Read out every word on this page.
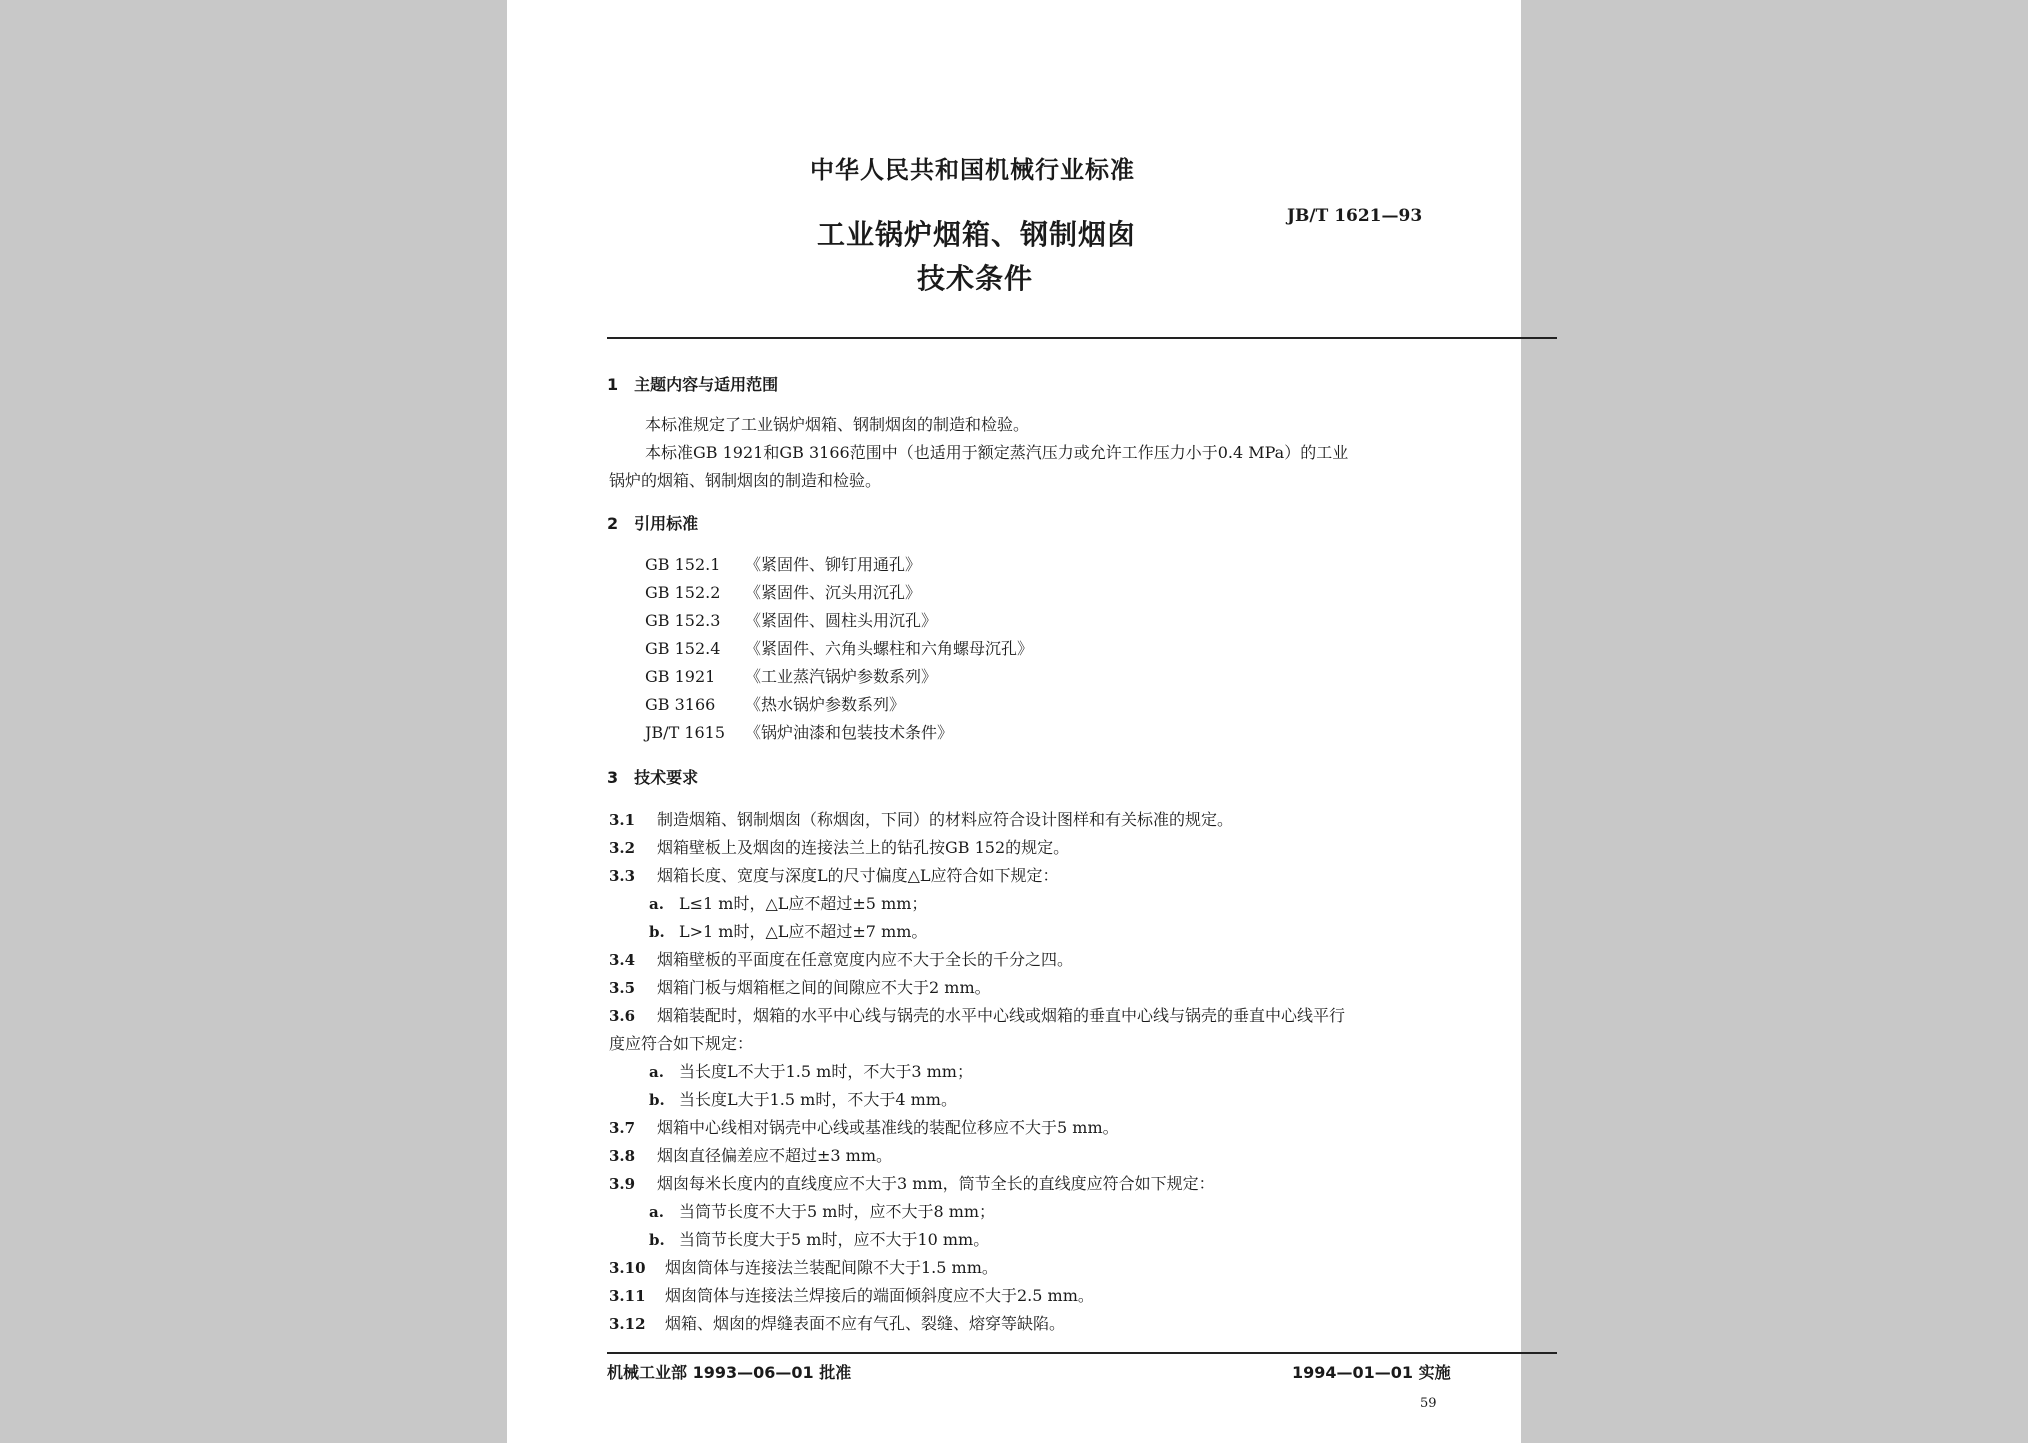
中华人民共和国机械行业标准
工业锅炉烟箱、钢制烟囱
技术条件
JB/T 1621—93
1　主题内容与适用范围
本标准规定了工业锅炉烟箱、钢制烟囱的制造和检验。
本标准GB 1921和GB 3166范围中（也适用于额定蒸汽压力或允许工作压力小于0.4 MPa）的工业
锅炉的烟箱、钢制烟囱的制造和检验。
2　引用标准
GB 152.1 《紧固件、铆钉用通孔》
GB 152.2 《紧固件、沉头用沉孔》
GB 152.3 《紧固件、圆柱头用沉孔》
GB 152.4 《紧固件、六角头螺柱和六角螺母沉孔》
GB 1921 《工业蒸汽锅炉参数系列》
GB 3166 《热水锅炉参数系列》
JB/T 1615 《锅炉油漆和包装技术条件》
3　技术要求
3.1 制造烟箱、钢制烟囱（称烟囱，下同）的材料应符合设计图样和有关标准的规定。
3.2 烟箱壁板上及烟囱的连接法兰上的钻孔按GB 152的规定。
3.3 烟箱长度、宽度与深度L的尺寸偏度△L应符合如下规定：
a. L≤1 m时，△L应不超过±5 mm；
b. L>1 m时，△L应不超过±7 mm。
3.4 烟箱壁板的平面度在任意宽度内应不大于全长的千分之四。
3.5 烟箱门板与烟箱框之间的间隙应不大于2 mm。
3.6 烟箱装配时，烟箱的水平中心线与锅壳的水平中心线或烟箱的垂直中心线与锅壳的垂直中心线平行
度应符合如下规定：
a. 当长度L不大于1.5 m时，不大于3 mm；
b. 当长度L大于1.5 m时，不大于4 mm。
3.7 烟箱中心线相对锅壳中心线或基准线的装配位移应不大于5 mm。
3.8 烟囱直径偏差应不超过±3 mm。
3.9 烟囱每米长度内的直线度应不大于3 mm，筒节全长的直线度应符合如下规定：
a. 当筒节长度不大于5 m时，应不大于8 mm；
b. 当筒节长度大于5 m时，应不大于10 mm。
3.10 烟囱筒体与连接法兰装配间隙不大于1.5 mm。
3.11 烟囱筒体与连接法兰焊接后的端面倾斜度应不大于2.5 mm。
3.12 烟箱、烟囱的焊缝表面不应有气孔、裂缝、熔穿等缺陷。
机械工业部 1993—06—01 批准	1994—01—01 实施
59
